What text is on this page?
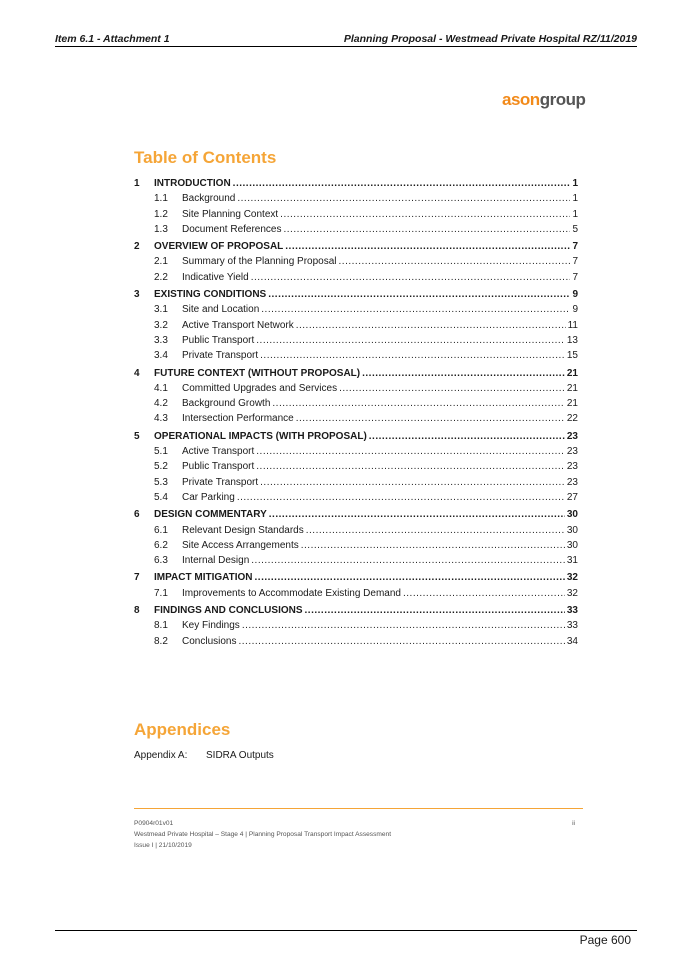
Item 6.1 - Attachment 1	Planning Proposal - Westmead Private Hospital RZ/11/2019
asongroup
Table of Contents
1	INTRODUCTION .....	1
1.1	Background .....	1
1.2	Site Planning Context .....	1
1.3	Document References .....	5
2	OVERVIEW OF PROPOSAL .....	7
2.1	Summary of the Planning Proposal .....	7
2.2	Indicative Yield .....	7
3	EXISTING CONDITIONS .....	9
3.1	Site and Location .....	9
3.2	Active Transport Network .....	11
3.3	Public Transport .....	13
3.4	Private Transport .....	15
4	FUTURE CONTEXT (WITHOUT PROPOSAL) .....	21
4.1	Committed Upgrades and Services .....	21
4.2	Background Growth .....	21
4.3	Intersection Performance .....	22
5	OPERATIONAL IMPACTS (WITH PROPOSAL) .....	23
5.1	Active Transport .....	23
5.2	Public Transport .....	23
5.3	Private Transport .....	23
5.4	Car Parking .....	27
6	DESIGN COMMENTARY .....	30
6.1	Relevant Design Standards .....	30
6.2	Site Access Arrangements .....	30
6.3	Internal Design .....	31
7	IMPACT MITIGATION .....	32
7.1	Improvements to Accommodate Existing Demand .....	32
8	FINDINGS AND CONCLUSIONS .....	33
8.1	Key Findings .....	33
8.2	Conclusions .....	34
Appendices
Appendix A:	SIDRA Outputs
P0904r01v01
Westmead Private Hospital – Stage 4 | Planning Proposal Transport Impact Assessment
Issue I | 21/10/2019
ii
Page 600
